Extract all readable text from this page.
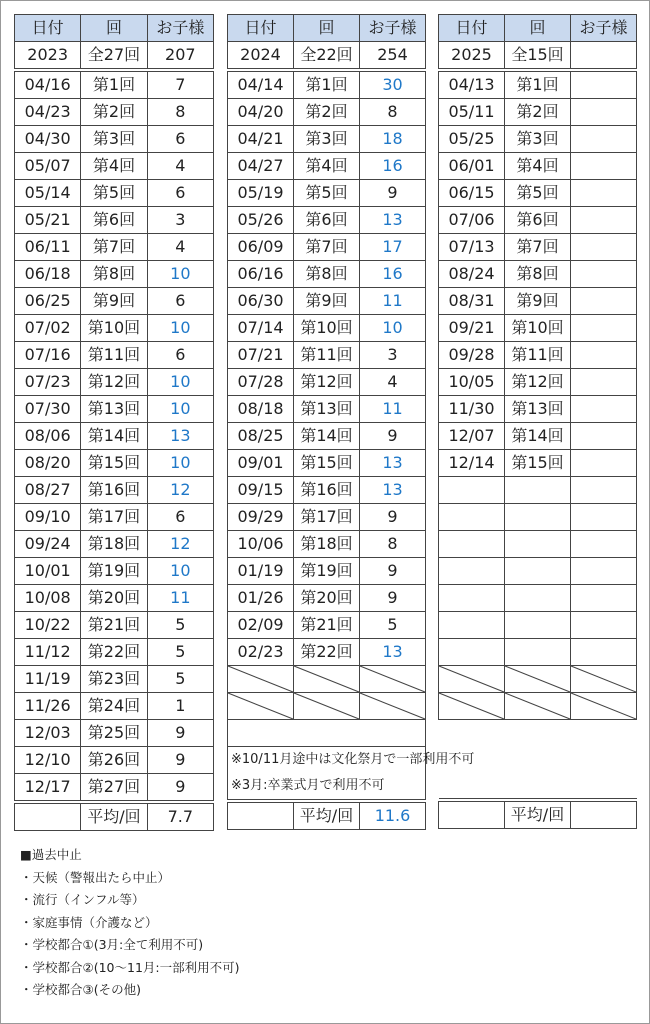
日付	回	お子様
2023	全27回	207

04/16	第1回	7
04/23	第2回	8
04/30	第3回	6
05/07	第4回	4
05/14	第5回	6
05/21	第6回	3
06/11	第7回	4
06/18	第8回	10
06/25	第9回	6
07/02	第10回	10
07/16	第11回	6
07/23	第12回	10
07/30	第13回	10
08/06	第14回	13
08/20	第15回	10
08/27	第16回	12
09/10	第17回	6
09/24	第18回	12
10/01	第19回	10
10/08	第20回	11
10/22	第21回	5
11/12	第22回	5
11/19	第23回	5
11/26	第24回	1
12/03	第25回	9
12/10	第26回	9
12/17	第27回	9

	平均/回	7.7
日付	回	お子様
2024	全22回	254

04/14	第1回	30
04/20	第2回	8
04/21	第3回	18
04/27	第4回	16
05/19	第5回	9
05/26	第6回	13
06/09	第7回	17
06/16	第8回	16
06/30	第9回	11
07/14	第10回	10
07/21	第11回	3
07/28	第12回	4
08/18	第13回	11
08/25	第14回	9
09/01	第15回	13
09/15	第16回	13
09/29	第17回	9
10/06	第18回	8
01/19	第19回	9
01/26	第20回	9
02/09	第21回	5
02/23	第22回	13

※10/11月途中は文化祭月で一部利用不可		
※3月:卒業式月で利用不可		

	平均/回	11.6
日付	回	お子様
2025	全15回	

04/13	第1回	
05/11	第2回	
05/25	第3回	
06/01	第4回	
06/15	第5回	
07/06	第6回	
07/13	第7回	
08/24	第8回	
08/31	第9回	
09/21	第10回	
09/28	第11回	
10/05	第12回	
11/30	第13回	
12/07	第14回	
12/14	第15回	

	平均/回	
■過去中止
・天候（警報出たら中止）
・流行（インフル等）
・家庭事情（介護など）
・学校都合①(3月:全て利用不可)
・学校都合②(10～11月:一部利用不可)
・学校都合③(その他)
